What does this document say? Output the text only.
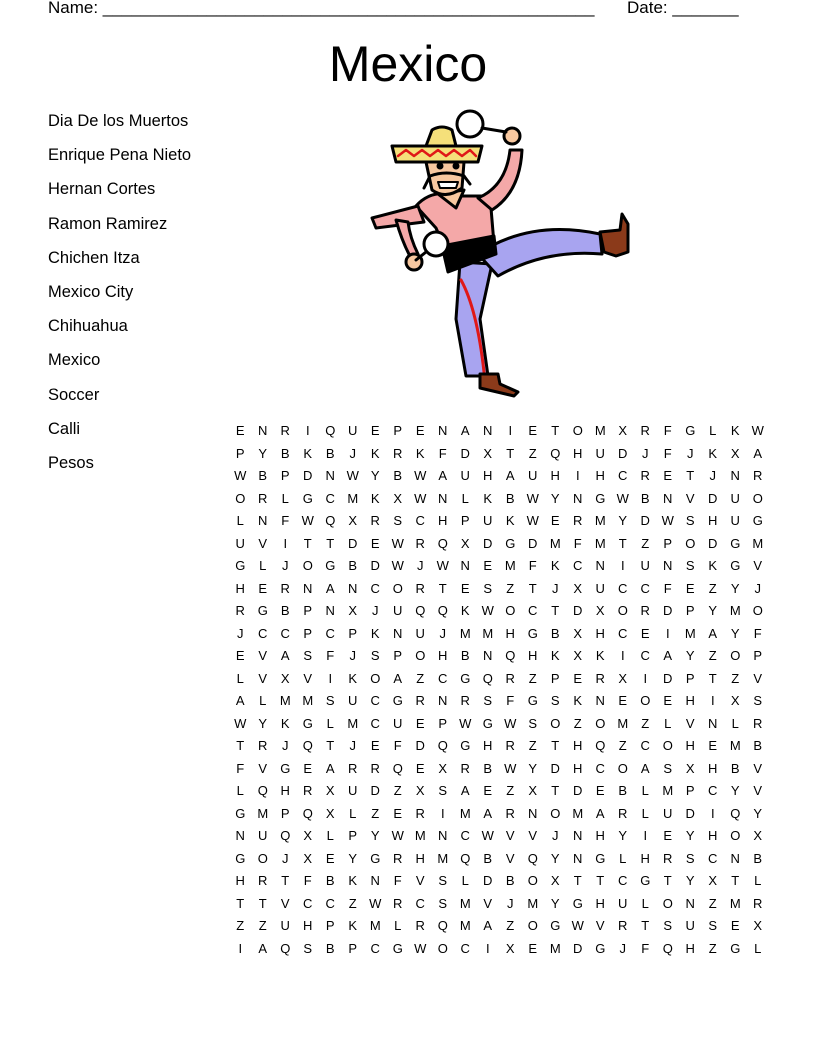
Name: ____________________________________________________ Date: _______
Mexico
Dia De los Muertos
Enrique Pena Nieto
Hernan Cortes
Ramon Ramirez
Chichen Itza
Mexico City
Chihuahua
Mexico
Soccer
Calli
Pesos
E	N	R	I	Q U	E	P	E	N	A	N	I	E	T	O M X	R	F	G	L	K W
P	Y	B	K	B	J	K	R	K	F	D	X	T	Z	Q H	U	D	J	F	J	K	X	A
W B	P	D	N W Y	B W A	U	H	A	U	H	I	H	C	R	E	T	J	N	R
O R	L	G C M K	X W N	L	K	B W Y	N G W B	N	V	D	U O
L	N	F W Q	X	R	S	C	H	P	U	K W E	R M Y	D W S	H	U G
U	V	I	T	T	D	E W R Q	X	D G D M	F	M	T	Z	P	O D G M
G	L	J	O G	B	D W	J	W N	E M	F	K	C	N	I	U	N	S	K	G	V
H	E	R	N	A	N	C O R	T	E	S	Z	T	J	X	U	C	C	F	E	Z	Y	J
R G	B	P	N	X	J	U Q Q	K W O C	T	D	X	O R	D	P	Y M O
J	C	C	P	C	P	K	N	U	J	M M H G	B	X	H	C	E	I	M A	Y	F
E	V	A	S	F	J	S	P	O H	B	N Q H	K	X	K	I	C	A	Y	Z	O	P
L	V	X	V	I	K	O	A	Z	C G Q R	Z	P	E	R	X	I	D	P	T	Z	V
A	L	M M S	U	C G R	N	R	S	F	G	S	K	N	E	O	E	H	I	X	S
W Y	K	G	L	M C	U	E	P W G W S	O	Z	O M	Z	L	V	N	L	R
T	R	J	Q	T	J	E	F	D Q G H	R	Z	T	H Q	Z	C O H	E M B
F	V	G	E	A	R	R Q	E	X	R	B W Y	D	H	C O	A	S	X	H	B	V
L	Q H	R	X	U	D	Z	X	S	A	E	Z	X	T	D	E	B	L	M P	C	Y	V
G M P	Q	X	L	Z	E	R	I	M A	R	N O M A	R	L	U	D	I	Q	Y
N	U Q	X	L	P	Y W M N	C W V	V	J	N	H	Y	I	E	Y	H O	X
G O	J	X	E	Y	G R	H M Q	B	V	Q	Y	N G	L	H	R	S	C	N	B
H	R	T	F	B	K	N	F	V	S	L	D	B	O	X	T	T	C G	T	Y	X	T	L
T	T	V	C	C	Z W R	C	S M V	J	M Y	G H	U	L	O N	Z	M R
Z	Z	U	H	P	K M	L	R Q M A	Z	O G W V	R	T	S	U	S	E	X
I	A	Q	S	B	P	C G W O C	I	X	E M D G	J	F	Q H	Z	G	L
